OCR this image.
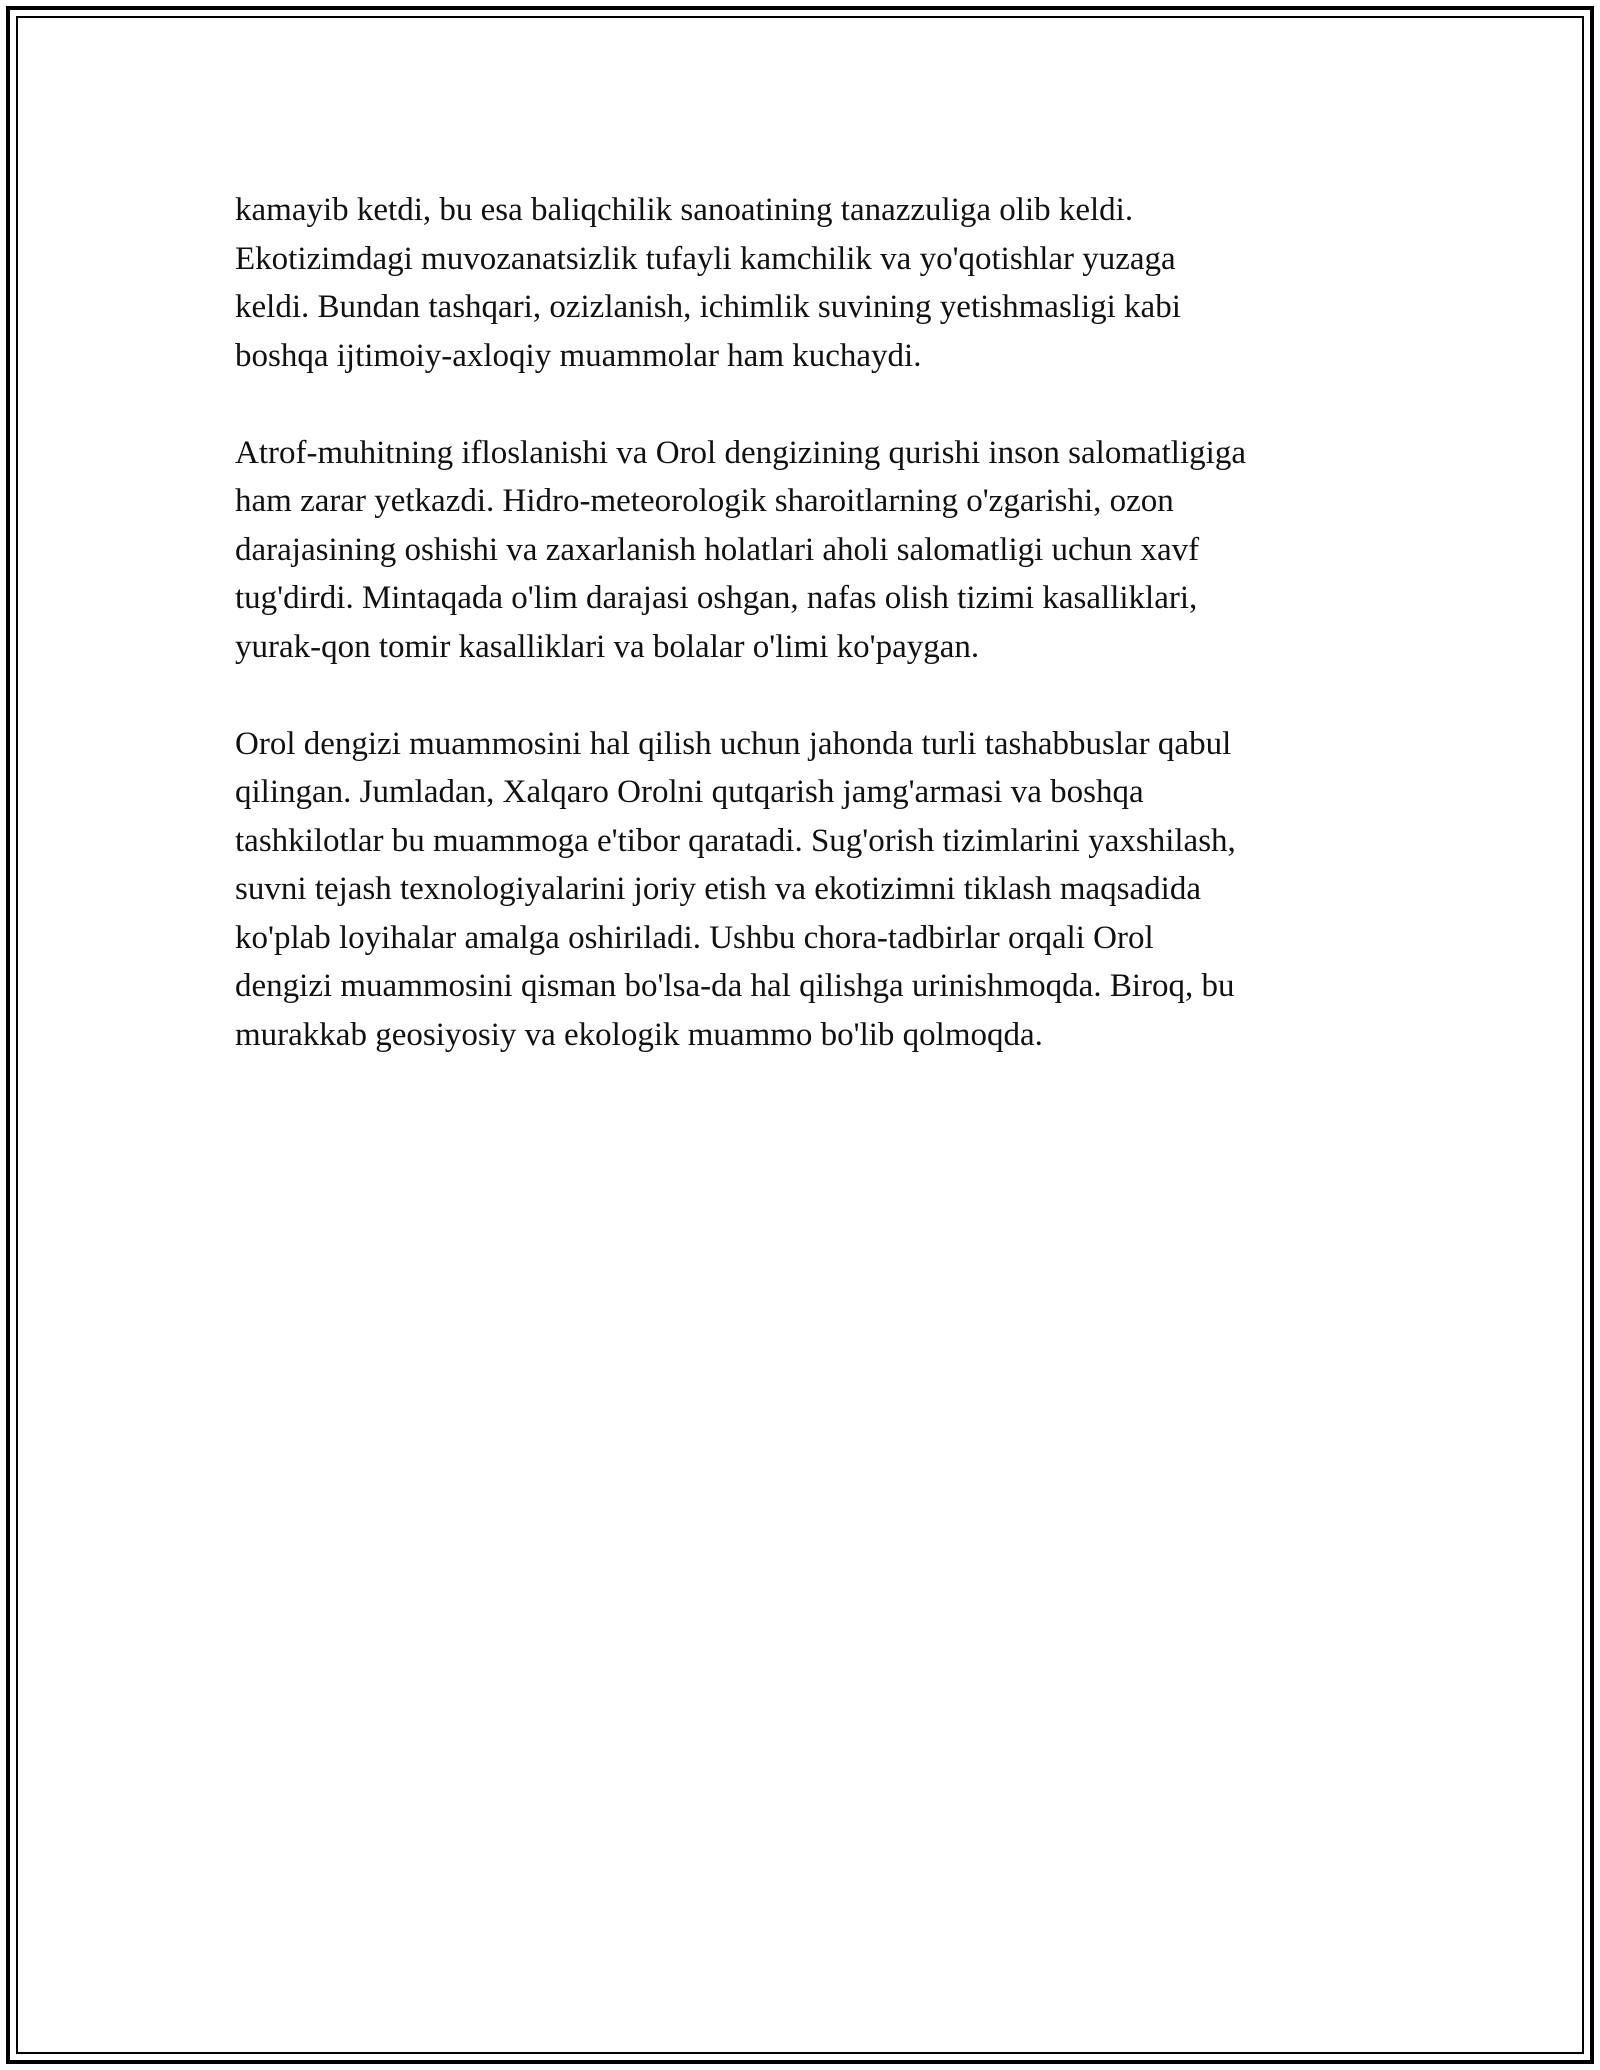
kamayib ketdi, bu esa baliqchilik sanoatining tanazzuliga olib keldi.
Ekotizimdagi muvozanatsizlik tufayli kamchilik va yo'qotishlar yuzaga
keldi. Bundan tashqari, ozizlanish, ichimlik suvining yetishmasligi kabi
boshqa ijtimoiy-axloqiy muammolar ham kuchaydi.

Atrof-muhitning ifloslanishi va Orol dengizining qurishi inson salomatligiga
ham zarar yetkazdi. Hidro-meteorologik sharoitlarning o'zgarishi, ozon
darajasining oshishi va zaxarlanish holatlari aholi salomatligi uchun xavf
tug'dirdi. Mintaqada o'lim darajasi oshgan, nafas olish tizimi kasalliklari,
yurak-qon tomir kasalliklari va bolalar o'limi ko'paygan.

Orol dengizi muammosini hal qilish uchun jahonda turli tashabbuslar qabul
qilingan. Jumladan, Xalqaro Orolni qutqarish jamg'armasi va boshqa
tashkilotlar bu muammoga e'tibor qaratadi. Sug'orish tizimlarini yaxshilash,
suvni tejash texnologiyalarini joriy etish va ekotizimni tiklash maqsadida
ko'plab loyihalar amalga oshiriladi. Ushbu chora-tadbirlar orqali Orol
dengizi muammosini qisman bo'lsa-da hal qilishga urinishmoqda. Biroq, bu
murakkab geosiyosiy va ekologik muammo bo'lib qolmoqda.
